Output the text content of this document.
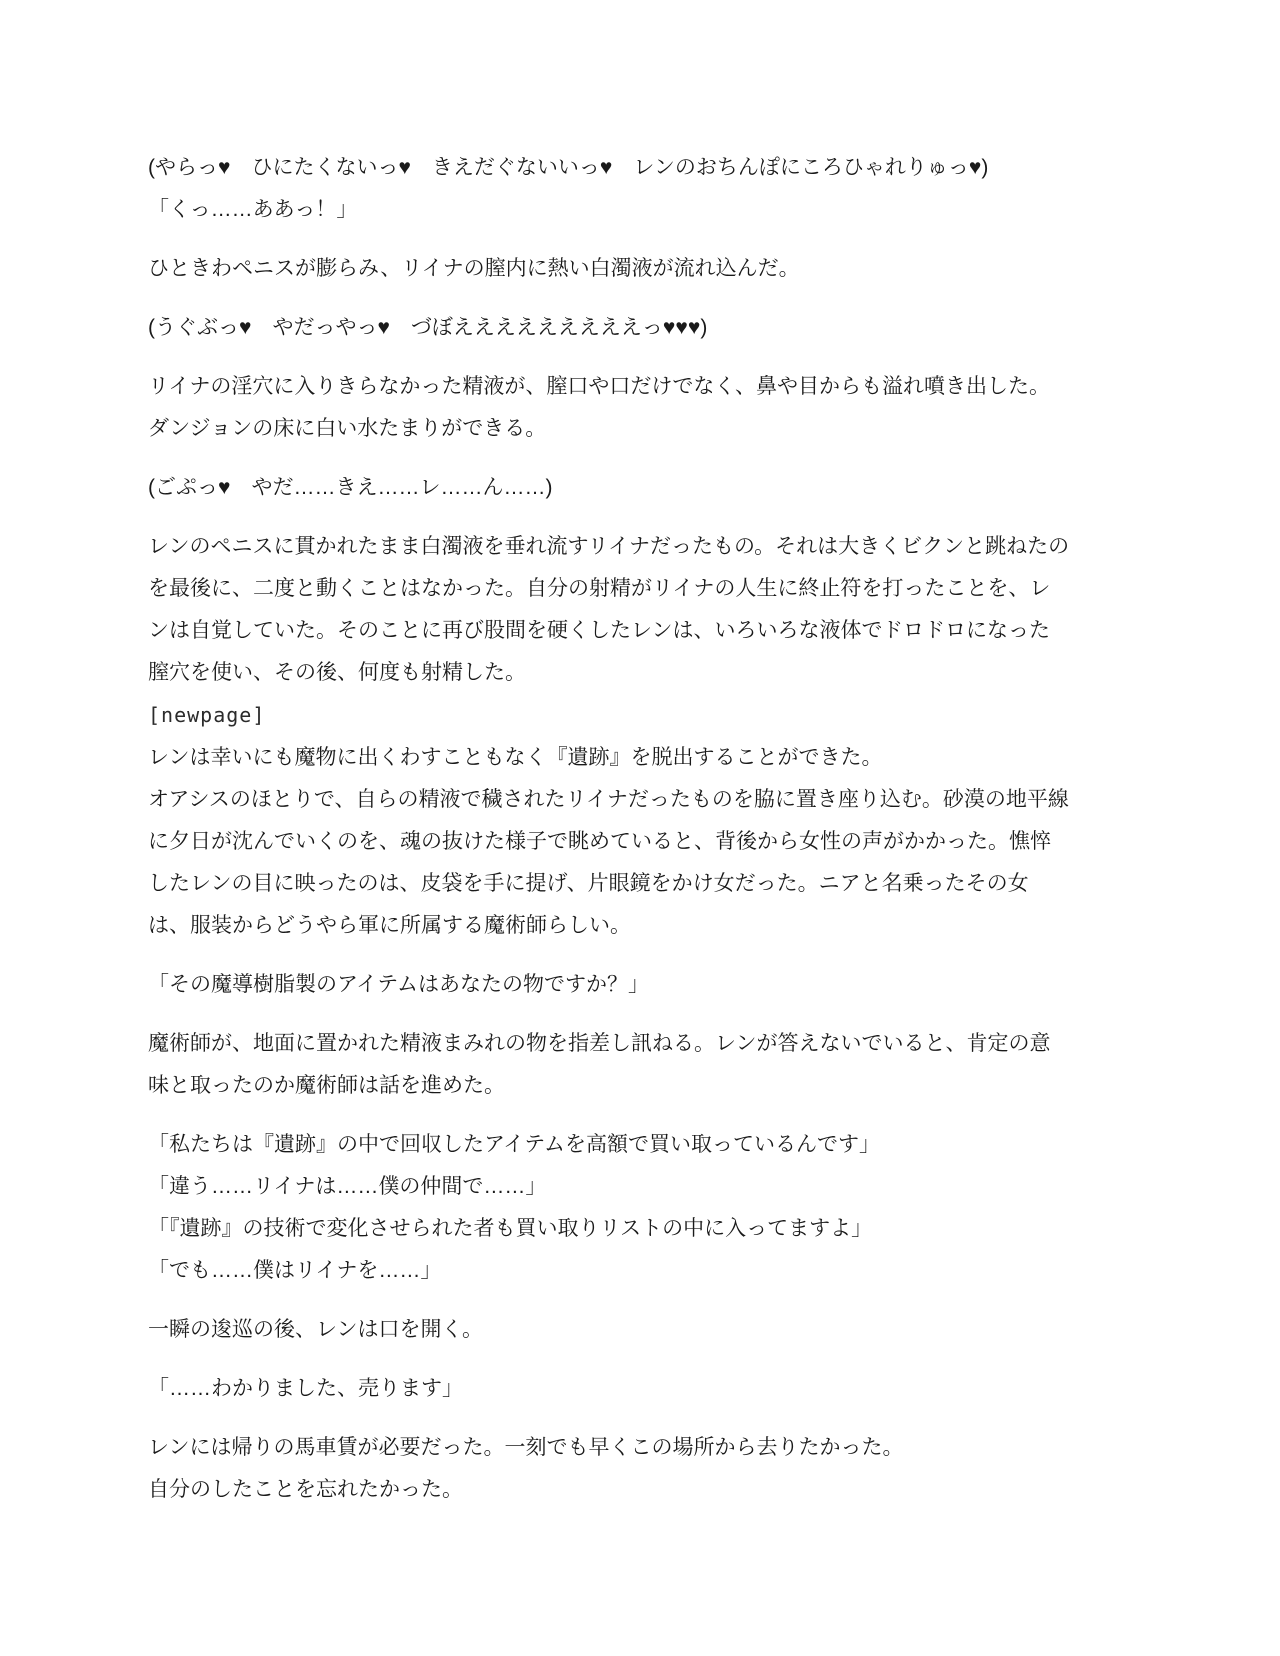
(やらっ♥　ひにたくないっ♥　きえだぐないいっ♥　レンのおちんぽにころひゃれりゅっ♥)
「くっ……ああっ！」

ひときわペニスが膨らみ、リイナの膣内に熱い白濁液が流れ込んだ。

(うぐぶっ♥　やだっやっ♥　づぼえええええええええっ♥♥♥)

リイナの淫穴に入りきらなかった精液が、膣口や口だけでなく、鼻や目からも溢れ噴き出した。ダンジョンの床に白い水たまりができる。

(ごぷっ♥　やだ……きえ……レ……ん……)

レンのペニスに貫かれたまま白濁液を垂れ流すリイナだったもの。それは大きくビクンと跳ねたのを最後に、二度と動くことはなかった。自分の射精がリイナの人生に終止符を打ったことを、レンは自覚していた。そのことに再び股間を硬くしたレンは、いろいろな液体でドロドロになった膣穴を使い、その後、何度も射精した。
[newpage]
レンは幸いにも魔物に出くわすこともなく『遺跡』を脱出することができた。
オアシスのほとりで、自らの精液で穢されたリイナだったものを脇に置き座り込む。砂漠の地平線に夕日が沈んでいくのを、魂の抜けた様子で眺めていると、背後から女性の声がかかった。憔悴したレンの目に映ったのは、皮袋を手に提げ、片眼鏡をかけ女だった。ニアと名乗ったその女は、服装からどうやら軍に所属する魔術師らしい。

「その魔導樹脂製のアイテムはあなたの物ですか？」

魔術師が、地面に置かれた精液まみれの物を指差し訊ねる。レンが答えないでいると、肯定の意味と取ったのか魔術師は話を進めた。

「私たちは『遺跡』の中で回収したアイテムを高額で買い取っているんです」
「違う……リイナは……僕の仲間で……」
「『遺跡』の技術で変化させられた者も買い取りリストの中に入ってますよ」
「でも……僕はリイナを……」

一瞬の逡巡の後、レンは口を開く。

「……わかりました、売ります」

レンには帰りの馬車賃が必要だった。一刻でも早くこの場所から去りたかった。
自分のしたことを忘れたかった。
